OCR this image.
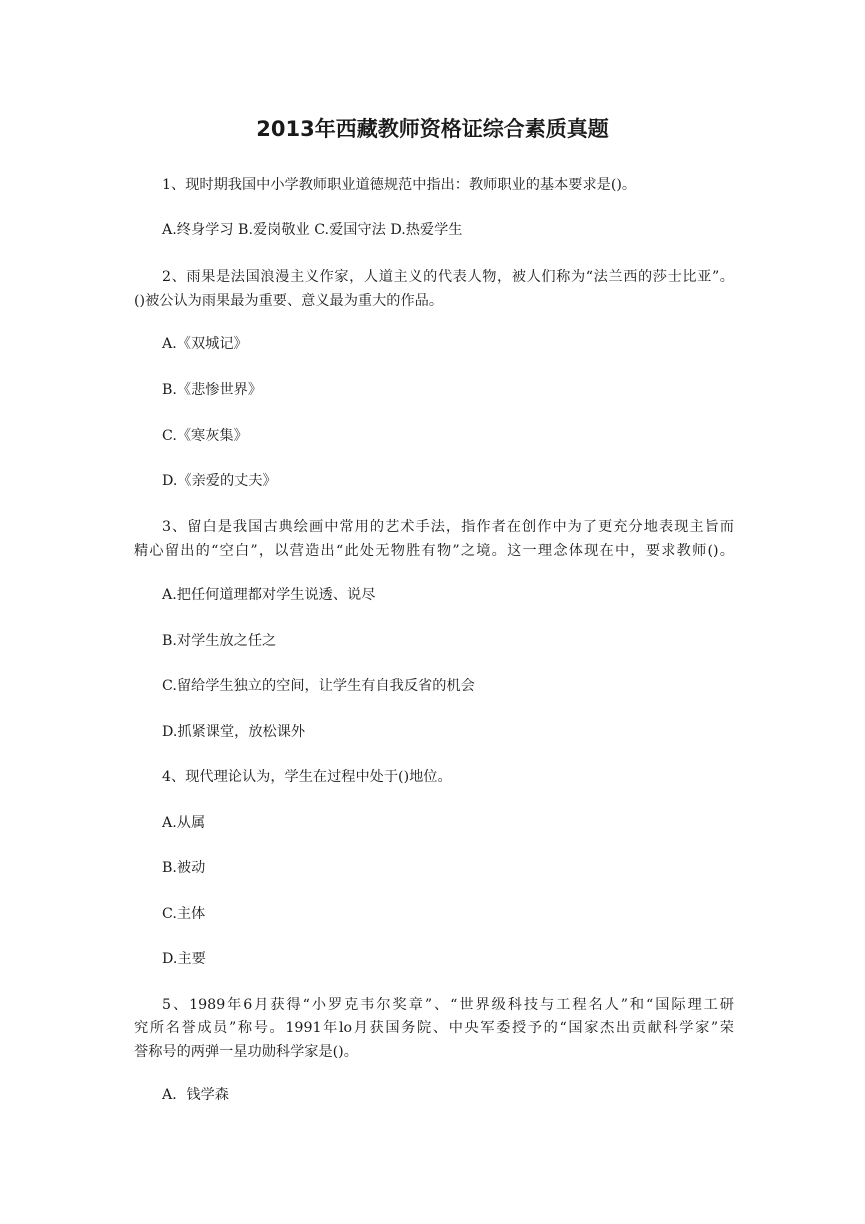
2013年西藏教师资格证综合素质真题

1、现时期我国中小学教师职业道德规范中指出：教师职业的基本要求是()。

A.终身学习 B.爱岗敬业 C.爱国守法 D.热爱学生

2、雨果是法国浪漫主义作家，人道主义的代表人物，被人们称为“法兰西的莎士比亚”。

()被公认为雨果最为重要、意义最为重大的作品。

A.《双城记》

B.《悲惨世界》

C.《寒灰集》

D.《亲爱的丈夫》

3、留白是我国古典绘画中常用的艺术手法，指作者在创作中为了更充分地表现主旨而

精心留出的“空白”，以营造出“此处无物胜有物”之境。这一理念体现在中，要求教师()。

A.把任何道理都对学生说透、说尽

B.对学生放之任之

C.留给学生独立的空间，让学生有自我反省的机会

D.抓紧课堂，放松课外

4、现代理论认为，学生在过程中处于()地位。

A.从属

B.被动

C.主体

D.主要

5、1989年6月获得“小罗克韦尔奖章”、“世界级科技与工程名人”和“国际理工研

究所名誉成员”称号。1991年lo月获国务院、中央军委授予的“国家杰出贡献科学家”荣

誉称号的两弹一星功勋科学家是()。

A．钱学森
